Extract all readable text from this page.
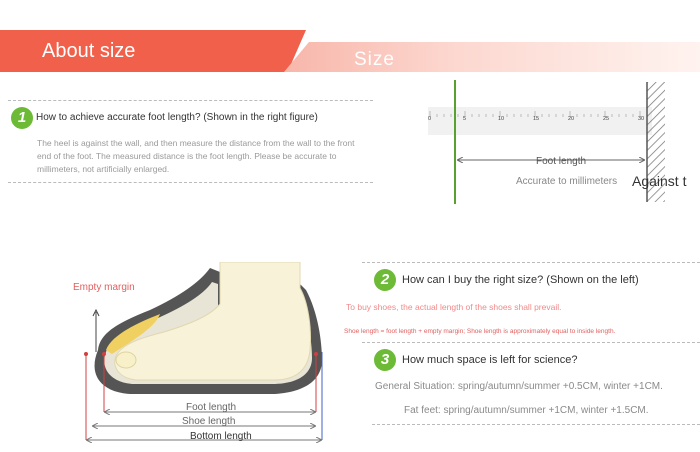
About size	Size
1 How to achieve accurate foot length? (Shown in the right figure)
The heel is against the wall, and then measure the distance from the wall to the front end of the foot. The measured distance is the foot length. Please be accurate to millimeters, not artificially enlarged.
0	5	10	15	20	25	30
Foot length
Accurate to millimeters Against t
Foot length
Shoe length
Bottom length
Empty margin	2	How can I buy the right size? (Shown on the left)
To buy shoes, the actual length of the shoes shall prevail.
Shoe length = foot length + empty margin; Shoe length is approximately equal to inside length.
3	How much space is left for science?
General Situation: spring/autumn/summer +0.5CM, winter +1CM.
Fat feet: spring/autumn/summer +1CM, winter +1.5CM.
